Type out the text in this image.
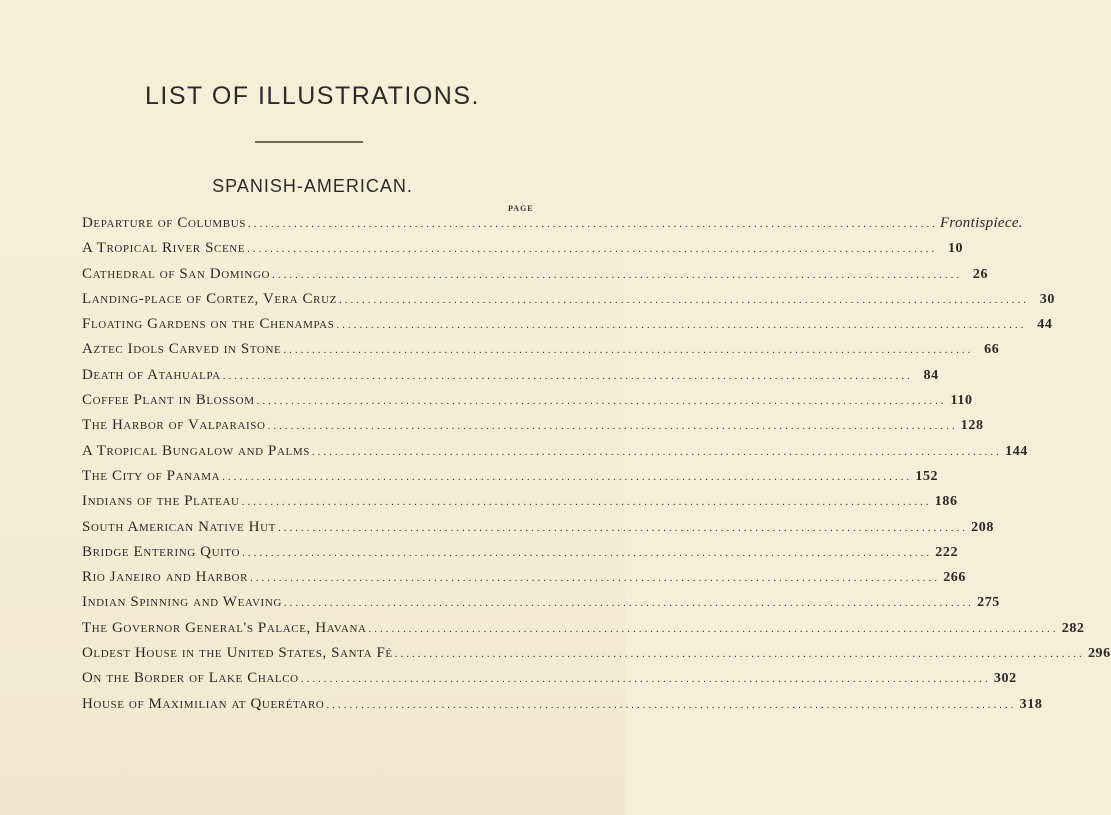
LIST OF ILLUSTRATIONS.
SPANISH-AMERICAN.
PAGE
Departure of Columbus ........................................................................................................................ Frontispiece.
A Tropical River Scene ........................................................................................................................ 10
Cathedral of San Domingo ........................................................................................................................ 26
Landing-place of Cortez, Vera Cruz ........................................................................................................................ 30
Floating Gardens on the Chenampas ........................................................................................................................ 44
Aztec Idols Carved in Stone ........................................................................................................................ 66
Death of Atahualpa ........................................................................................................................ 84
Coffee Plant in Blossom ........................................................................................................................ 110
The Harbor of Valparaiso ........................................................................................................................ 128
A Tropical Bungalow and Palms ........................................................................................................................ 144
The City of Panama ........................................................................................................................ 152
Indians of the Plateau ........................................................................................................................ 186
South American Native Hut ........................................................................................................................ 208
Bridge Entering Quito ........................................................................................................................ 222
Rio Janeiro and Harbor ........................................................................................................................ 266
Indian Spinning and Weaving ........................................................................................................................ 275
The Governor General's Palace, Havana ........................................................................................................................ 282
Oldest House in the United States, Santa Fé ........................................................................................................................ 296
On the Border of Lake Chalco ........................................................................................................................ 302
House of Maximilian at Querétaro ........................................................................................................................ 318
